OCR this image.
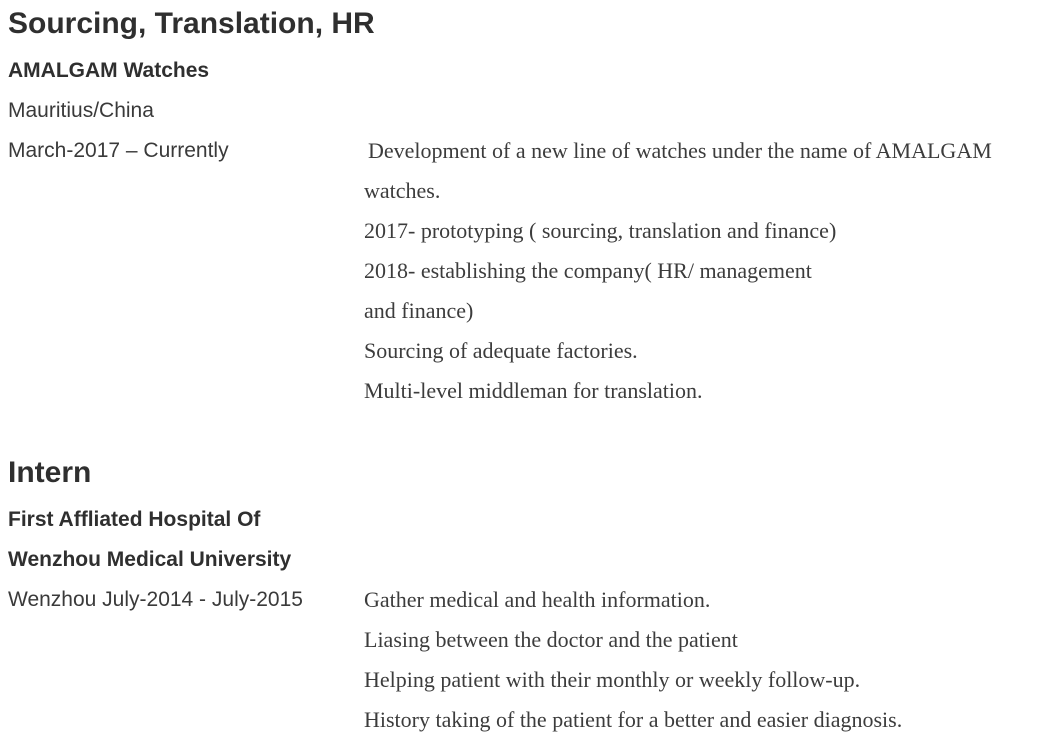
Sourcing, Translation, HR
AMALGAM Watches
Mauritius/China
March-2017 – Currently	Development of a new line of watches under the name of AMALGAM
watches.
2017- prototyping ( sourcing, translation and finance)
2018- establishing the company( HR/ management
and finance)
Sourcing of adequate factories.
Multi-level middleman for translation.
Intern
First Affliated Hospital Of
Wenzhou Medical University
Wenzhou July-2014 - July-2015	Gather medical and health information.
Liasing between the doctor and the patient
Helping patient with their monthly or weekly follow-up.
History taking of the patient for a better and easier diagnosis.
